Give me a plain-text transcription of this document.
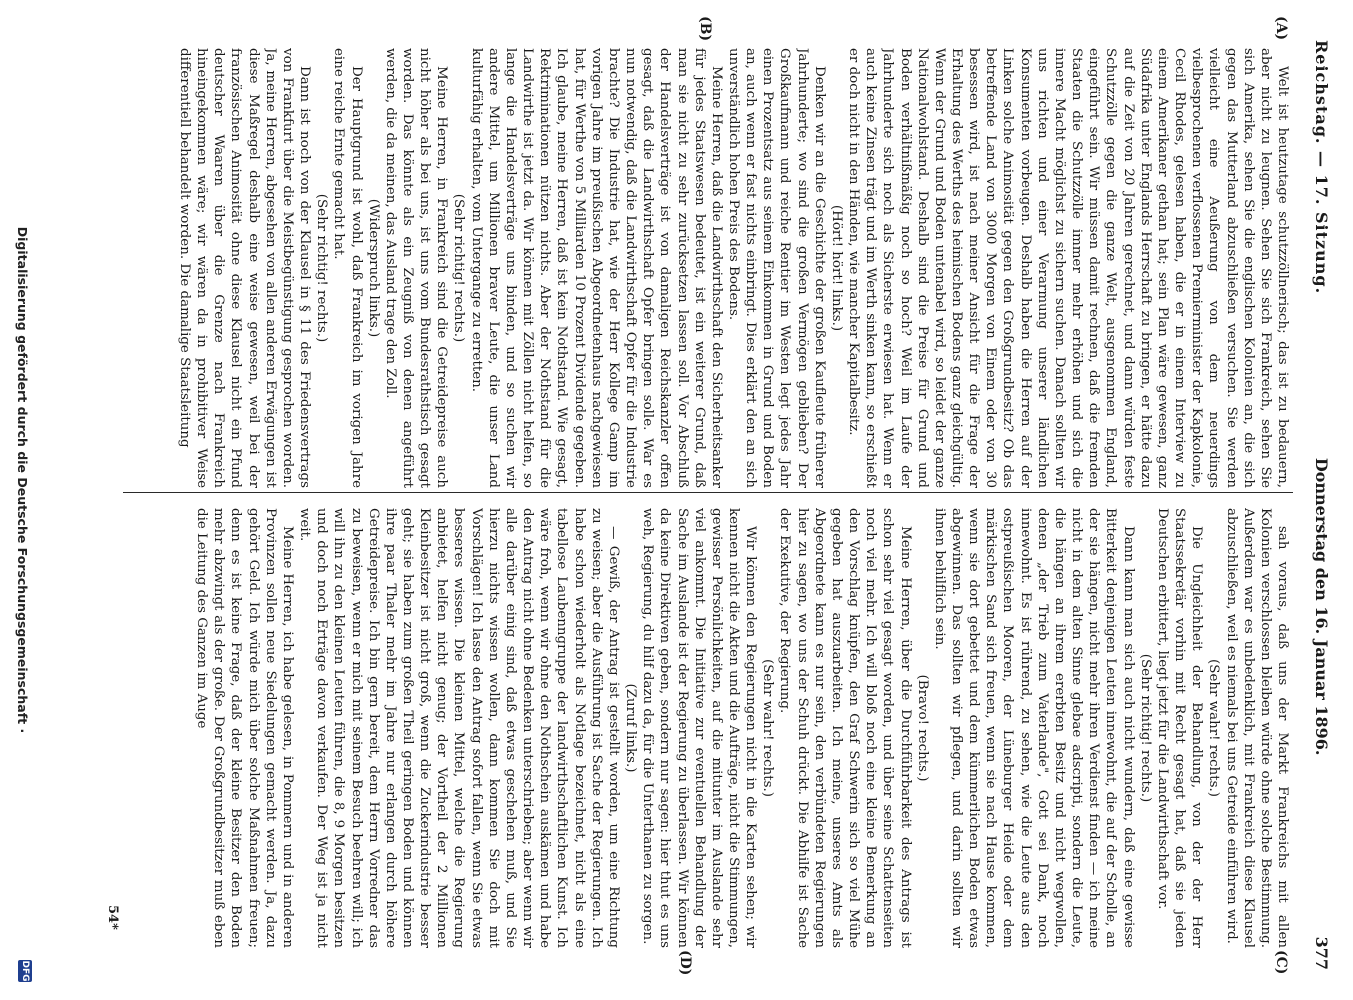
Reichstag. — 17. Sitzung.
Donnerstag den 16. Januar 1896.  377
(A)
(B)
(C)
(D)

Welt ist heutzutage schutzzöllnerisch; das ist zu bedauern, aber nicht zu leugnen. Sehen Sie sich Frankreich, sehen Sie sich Amerika, sehen Sie die englischen Kolonien an, die sich gegen das Mutterland abzuschließen versuchen. Sie werden vielleicht eine Aeußerung von dem neuerdings vielbesprochenen verflossenen Premierminister der Kapkolonie, Cecil Rhodes, gelesen haben, die er in einem Interview zu einem Amerikaner gethan hat; sein Plan wäre gewesen, ganz Südafrika unter Englands Herrschaft zu bringen, er hätte dazu auf die Zeit von 20 Jahren gerechnet, und dann würden feste Schutzzölle gegen die ganze Welt, ausgenommen England, eingeführt sein. Wir müssen damit rechnen, daß die fremden Staaten die Schutzzölle immer mehr erhöhen und sich die innere Macht möglichst zu sichern suchen. Danach sollten wir uns richten und einer Verarmung unserer ländlichen Konsumenten vorbeugen. Deshalb haben die Herren auf der Linken solche Animosität gegen den Großgrundbesitz? Ob das betreffende Land von 3000 Morgen von Einem oder von 30 besessen wird, ist nach meiner Ansicht für die Frage der Erhaltung des Werths des heimischen Bodens ganz gleichgültig. Wenn der Grund und Boden untenabel wird, so leidet der ganze Nationalwohlstand. Deshalb sind die Preise für Grund und Boden verhältnißmäßig noch so hoch? Weil im Laufe der Jahrhunderte sich noch als Sicherste erwiesen hat. Wenn er auch keine Zinsen trägt und im Werth sinken kann, so erschießt er doch nicht in den Händen, wie mancher Kapitalbesitz.

(Hört! hört! links.)

Denken wir an die Geschichte der großen Kaufleute früherer Jahrhunderte; wo sind die großen Vermögen geblieben? Der Großkaufmann und reiche Rentier im Westen legt jedes Jahr einen Prozentsatz aus seinem Einkommen in Grund und Boden an, auch wenn er fast nichts einbringt. Dies erklärt den an sich unverständlich hohen Preis des Bodens.

Meine Herren, daß die Landwirthschaft den Sicherheitsanker für jedes Staatswesen bedeutet, ist ein weiterer Grund, daß man sie nicht zu sehr zurücksetzen lassen soll. Vor Abschluß der Handelsverträge ist von damaligen Reichskanzler offen gesagt, daß die Landwirthschaft Opfer bringen solle. War es nun notwendig, daß die Landwirthschaft Opfer für die Industrie brachte? Die Industrie hat, wie der Herr Kollege Gamp im vorigen Jahre im preußischen Abgeordnetenhaus nachgewiesen hat, für Werthe von 5 Milliarden 10 Prozent Dividende gegeben. Ich glaube, meine Herren, daß ist kein Nothstand. Wie gesagt, Rektriminationen nützen nichts. Aber der Nothstand für die Landwirthe ist jetzt da. Wir können mit Zöllen nicht helfen, so lange die Handelsverträge uns binden, und so suchen wir andere Mittel, um Millionen braver Leute, die unser Land kulturfähig erhalten, vom Untergange zu erretten.

(Sehr richtig! rechts.)

Meine Herren, in Frankreich sind die Getreidepreise auch nicht höher als bei uns, ist uns vom Bundesrathstisch gesagt worden. Das könnte als ein Zeugniß von denen angeführt werden, die da meinen, das Ausland trage den Zoll.

(Widerspruch links.)

Der Hauptgrund ist wohl, daß Frankreich im vorigen Jahre eine reiche Ernte gemacht hat.

(Sehr richtig! rechts.)

Dann ist noch von der Klausel in § 11 des Friedensvertrags von Frankfurt über die Meistbegünstigung gesprochen worden. Ja, meine Herren, abgesehen von allen anderen Erwägungen ist diese Maßregel deshalb eine weise gewesen, weil bei der französischen Animosität ohne diese Klausel nicht ein Pfund deutscher Waaren über die Grenze nach Frankreich hineingekommen wäre; wir wären da in prohibitiver Weise differentiell behandelt worden. Die damalige Staatsleitung

sah voraus, daß uns der Markt Frankreichs mit allen Kolonien verschlossen bleiben würde ohne solche Bestimmung. Außerdem war es unbedenklich, mit Frankreich diese Klausel abzuschließen, weil es niemals bei uns Getreide einführen wird.

(Sehr wahr! rechts.)

Die Ungleichheit der Behandlung, von der der Herr Staatssekretär vorhin mit Recht gesagt hat, daß sie jeden Deutschen erbittert, liegt jetzt für die Landwirthschaft vor.

(Sehr richtig! rechts.)

Dann kann man sich auch nicht wundern, daß eine gewisse Bitterkeit denjenigen Leuten innewohnt, die auf der Scholle, an der sie hängen, nicht mehr ihren Verdienst finden — ich meine nicht in dem alten Sinne glebae adscripti, sondern die Leute, die hängen an ihrem ererbten Besitz und nicht wegwollen, denen „der Trieb zum Vaterlande", Gott sei Dank, noch innewohnt. Es ist rührend, zu sehen, wie die Leute aus den ostpreußischen Mooren, der Lüneburger Heide oder dem märkischen Sand sich freuen, wenn sie nach Hause kommen, wenn sie dort gebettet und dem kümmerlichen Boden etwas abgewinnen. Das sollten wir pflegen, und darin sollten wir ihnen behilflich sein.

(Bravo! rechts.)

Meine Herren, über die Durchführbarkeit des Antrags ist schon sehr viel gesagt worden, und über seine Schattenseiten noch viel mehr. Ich will bloß noch eine kleine Bemerkung an den Vorschlag knüpfen, den Graf Schwerin sich so viel Mühe gegeben hat auszuarbeiten. Ich meine, unseres Amts als Abgeordnete kann es nur sein, den verbündeten Regierungen hier zu sagen, wo uns der Schuh drückt. Die Abhilfe ist Sache der Exekutive, der Regierung.

(Sehr wahr! rechts.)

Wir können den Regierungen nicht in die Karten sehen; wir kennen nicht die Akten und die Aufträge, nicht die Stimmungen, gewisser Persönlichkeiten, auf die mitunter im Auslande sehr viel ankommt. Die Initiative zur eventuellen Behandlung der Sache im Auslande ist der Regierung zu überlassen. Wir können da keine Direktiven geben, sondern nur sagen: hier thut es uns weh, Regierung, du hilf dazu da, für die Unterthanen zu sorgen.

(Zuruf links.)

— Gewiß, der Antrag ist gestellt worden, um eine Richtung zu weisen; aber die Ausführung ist Sache der Regierungen. Ich habe schon wiederholt als Notlage bezeichnet, nicht als eine tabellose Laubenngruppe der landwirthschaftlichen Kunst. Ich wäre froh, wenn wir ohne den Nothschein auskämen und habe den Antrag nicht ohne Bedenken unterschrieben; aber wenn wir alle darüber einig sind, daß etwas geschehen muß, und Sie hierzu nichts wissen wollen, dann kommen Sie doch mit Vorschlägen! Ich lasse den Antrag sofort fallen, wenn Sie etwas besseres wissen. Die kleinen Mittel, welche die Regierung anbietet, helfen nicht genug; der Vortheil der 2 Millionen Kleinbesitzer ist nicht groß, wenn die Zuckerindustrie besser geht; sie haben zum großen Theil geringen Boden und können ihre paar Thaler mehr im Jahre nur erlangen durch höhere Getreidepreise. Ich bin gern bereit, dem Herrn Vorredner das zu beweisen, wenn er mich mit seinem Besuch beehren will; ich will ihn zu den kleinen Leuten führen, die 8, 9 Morgen besitzen und doch noch Erträge davon verkaufen. Der Weg ist ja nicht weit.

Meine Herren, ich habe gelesen, in Pommern und in anderen Provinzen sollen neue Siedelungen gemacht werden. Ja, dazu gehört Geld. Ich würde mich über solche Maßnahmen freuen; denn es ist keine Frage, daß der kleine Besitzer den Boden mehr abzwingt als der große. Der Großgrundbesitzer muß eben die Leitung des Ganzen im Auge

54*
Digitalisierung gefördert durch die Deutsche Forschungsgemeinschaft ·
DFG
